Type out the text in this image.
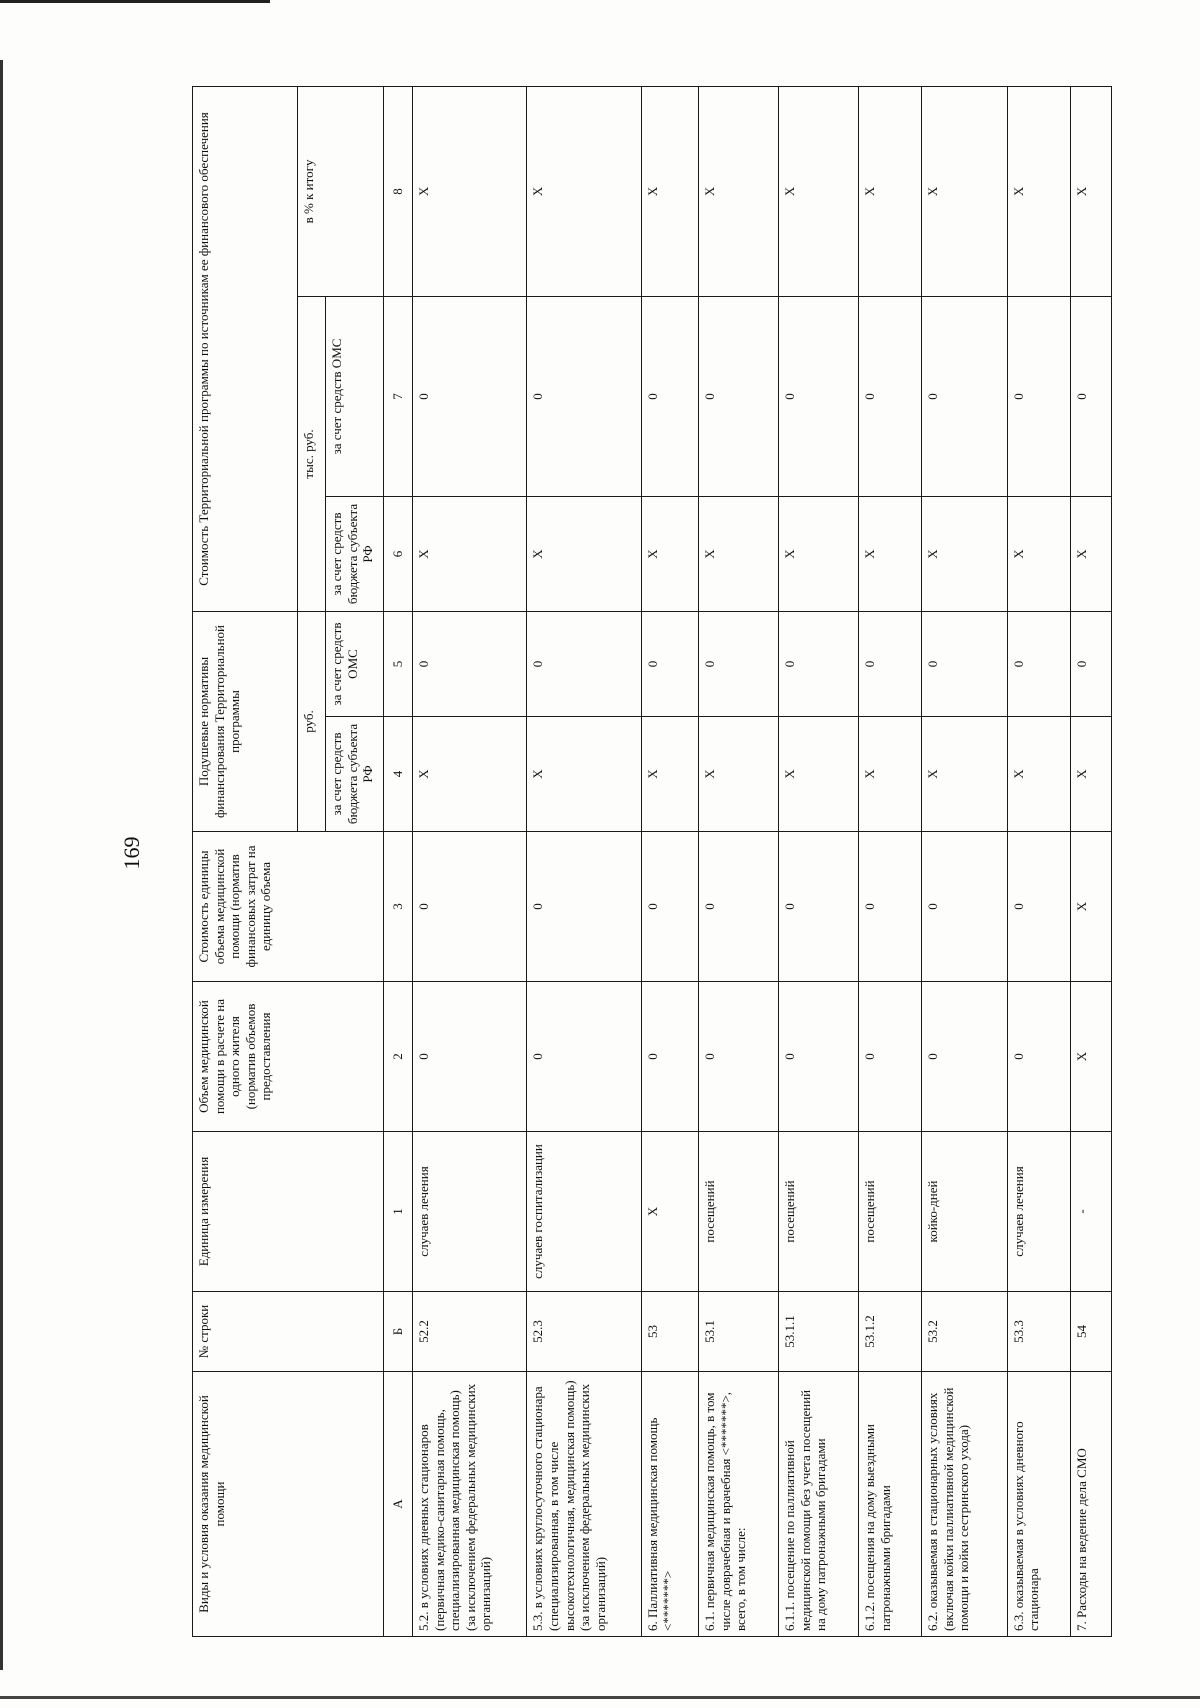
169
Виды и условия оказания медицинской помощи	№ строки	Единица измерения	Объем медицинской помощи в расчете на одного жителя (норматив объемов предоставления	Стоимость единицы объема медицинской помощи (норматив финансовых затрат на единицу объема	Подушевые нормативы финансирования Территориальной программы		Стоимость Территориальной программы по источникам ее финансового обеспечения		
					руб.		тыс. руб.		в % к итогу
					за счет средств бюджета субъекта РФ	за счет средств ОМС	за счет средств бюджета субъекта РФ	за счет средств ОМС	

А	Б	1	2	3	4	5	6	7	8
5.2. в условиях дневных стационаров (первичная медико-санитарная помощь, специализированная медицинская помощь) (за исключением федеральных медицинских организаций)	52.2	случаев лечения	0	0	X	0	X	0	X
5.3. в условиях круглосуточного стационара (специализированная, в том числе высокотехнологичная, медицинская помощь) (за исключением федеральных медицинских организаций)	52.3	случаев госпитализации	0	0	X	0	X	0	X
6. Паллиативная медицинская помощь <*******>	53	X	0	0	X	0	X	0	X
6.1. первичная медицинская помощь, в том числе доврачебная и врачебная <*******>, всего, в том числе:	53.1	посещений	0	0	X	0	X	0	X
6.1.1. посещение по паллиативной медицинской помощи без учета посещений на дому патронажными бригадами	53.1.1	посещений	0	0	X	0	X	0	X
6.1.2. посещения на дому выездными патронажными бригадами	53.1.2	посещений	0	0	X	0	X	0	X
6.2. оказываемая в стационарных условиях (включая койки паллиативной медицинской помощи и койки сестринского ухода)	53.2	койко-дней	0	0	X	0	X	0	X
6.3. оказываемая в условиях дневного стационара	53.3	случаев лечения	0	0	X	0	X	0	X
7. Расходы на ведение дела СМО	54	-	X	X	X	0	X	0	X
